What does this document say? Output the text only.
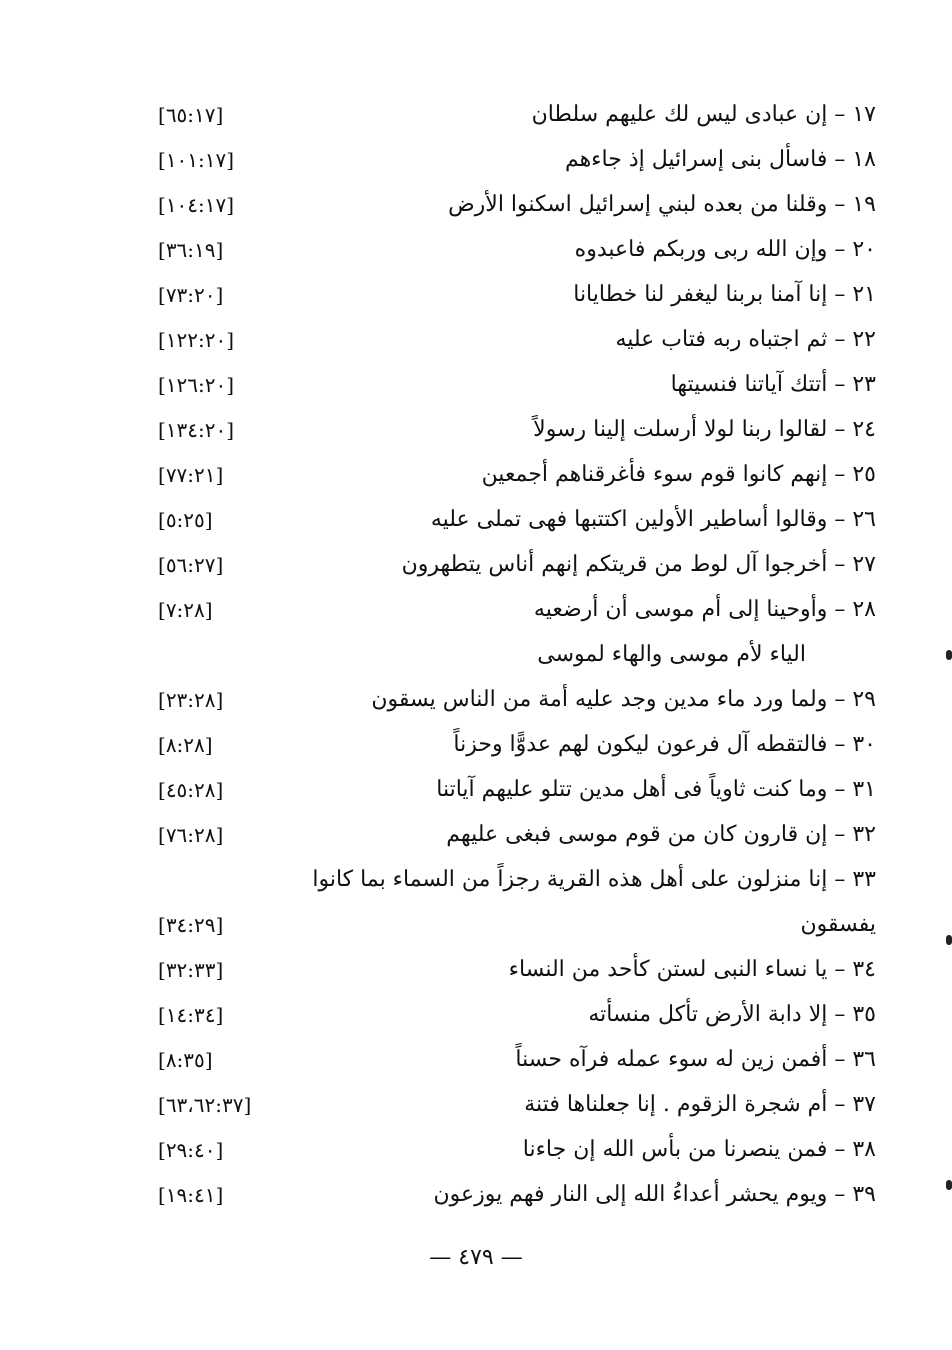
١٧ – إن عبادى ليس لك عليهم سلطان
[٦٥:١٧]
١٨ – فاسأل بنى إسرائيل إذ جاءهم
[١٠١:١٧]
١٩ – وقلنا من بعده لبني إسرائيل اسكنوا الأرض
[١٠٤:١٧]
٢٠ – وإن الله ربى وربكم فاعبدوه
[٣٦:١٩]
٢١ – إنا آمنا بربنا ليغفر لنا خطايانا
[٧٣:٢٠]
٢٢ – ثم اجتباه ربه فتاب عليه
[١٢٢:٢٠]
٢٣ – أتتك آياتنا فنسيتها
[١٢٦:٢٠]
٢٤ – لقالوا ربنا لولا أرسلت إلينا رسولاً
[١٣٤:٢٠]
٢٥ – إنهم كانوا قوم سوء فأغرقناهم أجمعين
[٧٧:٢١]
٢٦ – وقالوا أساطير الأولين اكتتبها فهى تملى عليه
[٥:٢٥]
٢٧ – أخرجوا آل لوط من قريتكم إنهم أناس يتطهرون
[٥٦:٢٧]
٢٨ – وأوحينا إلى أم موسى أن أرضعيه
[٧:٢٨]
الياء لأم موسى والهاء لموسى
٢٩ – ولما ورد ماء مدين وجد عليه أمة من الناس يسقون
[٢٣:٢٨]
٣٠ – فالتقطه آل فرعون ليكون لهم عدوًّا وحزناً
[٨:٢٨]
٣١ – وما كنت ثاوياً فى أهل مدين تتلو عليهم آياتنا
[٤٥:٢٨]
٣٢ – إن قارون كان من قوم موسى فبغى عليهم
[٧٦:٢٨]
٣٣ – إنا منزلون على أهل هذه القرية رجزاً من السماء بما كانوا
يفسقون
[٣٤:٢٩]
٣٤ – يا نساء النبى لستن كأحد من النساء
[٣٢:٣٣]
٣٥ – إلا دابة الأرض تأكل منسأته
[١٤:٣٤]
٣٦ – أفمن زين له سوء عمله فرآه حسناً
[٨:٣٥]
٣٧ – أم شجرة الزقوم . إنا جعلناها فتنة
[٦٣،٦٢:٣٧]
٣٨ – فمن ينصرنا من بأس الله إن جاءنا
[٢٩:٤٠]
٣٩ – ويوم يحشر أعداءُ الله إلى النار فهم يوزعون
[١٩:٤١]
— ٤٧٩ —
